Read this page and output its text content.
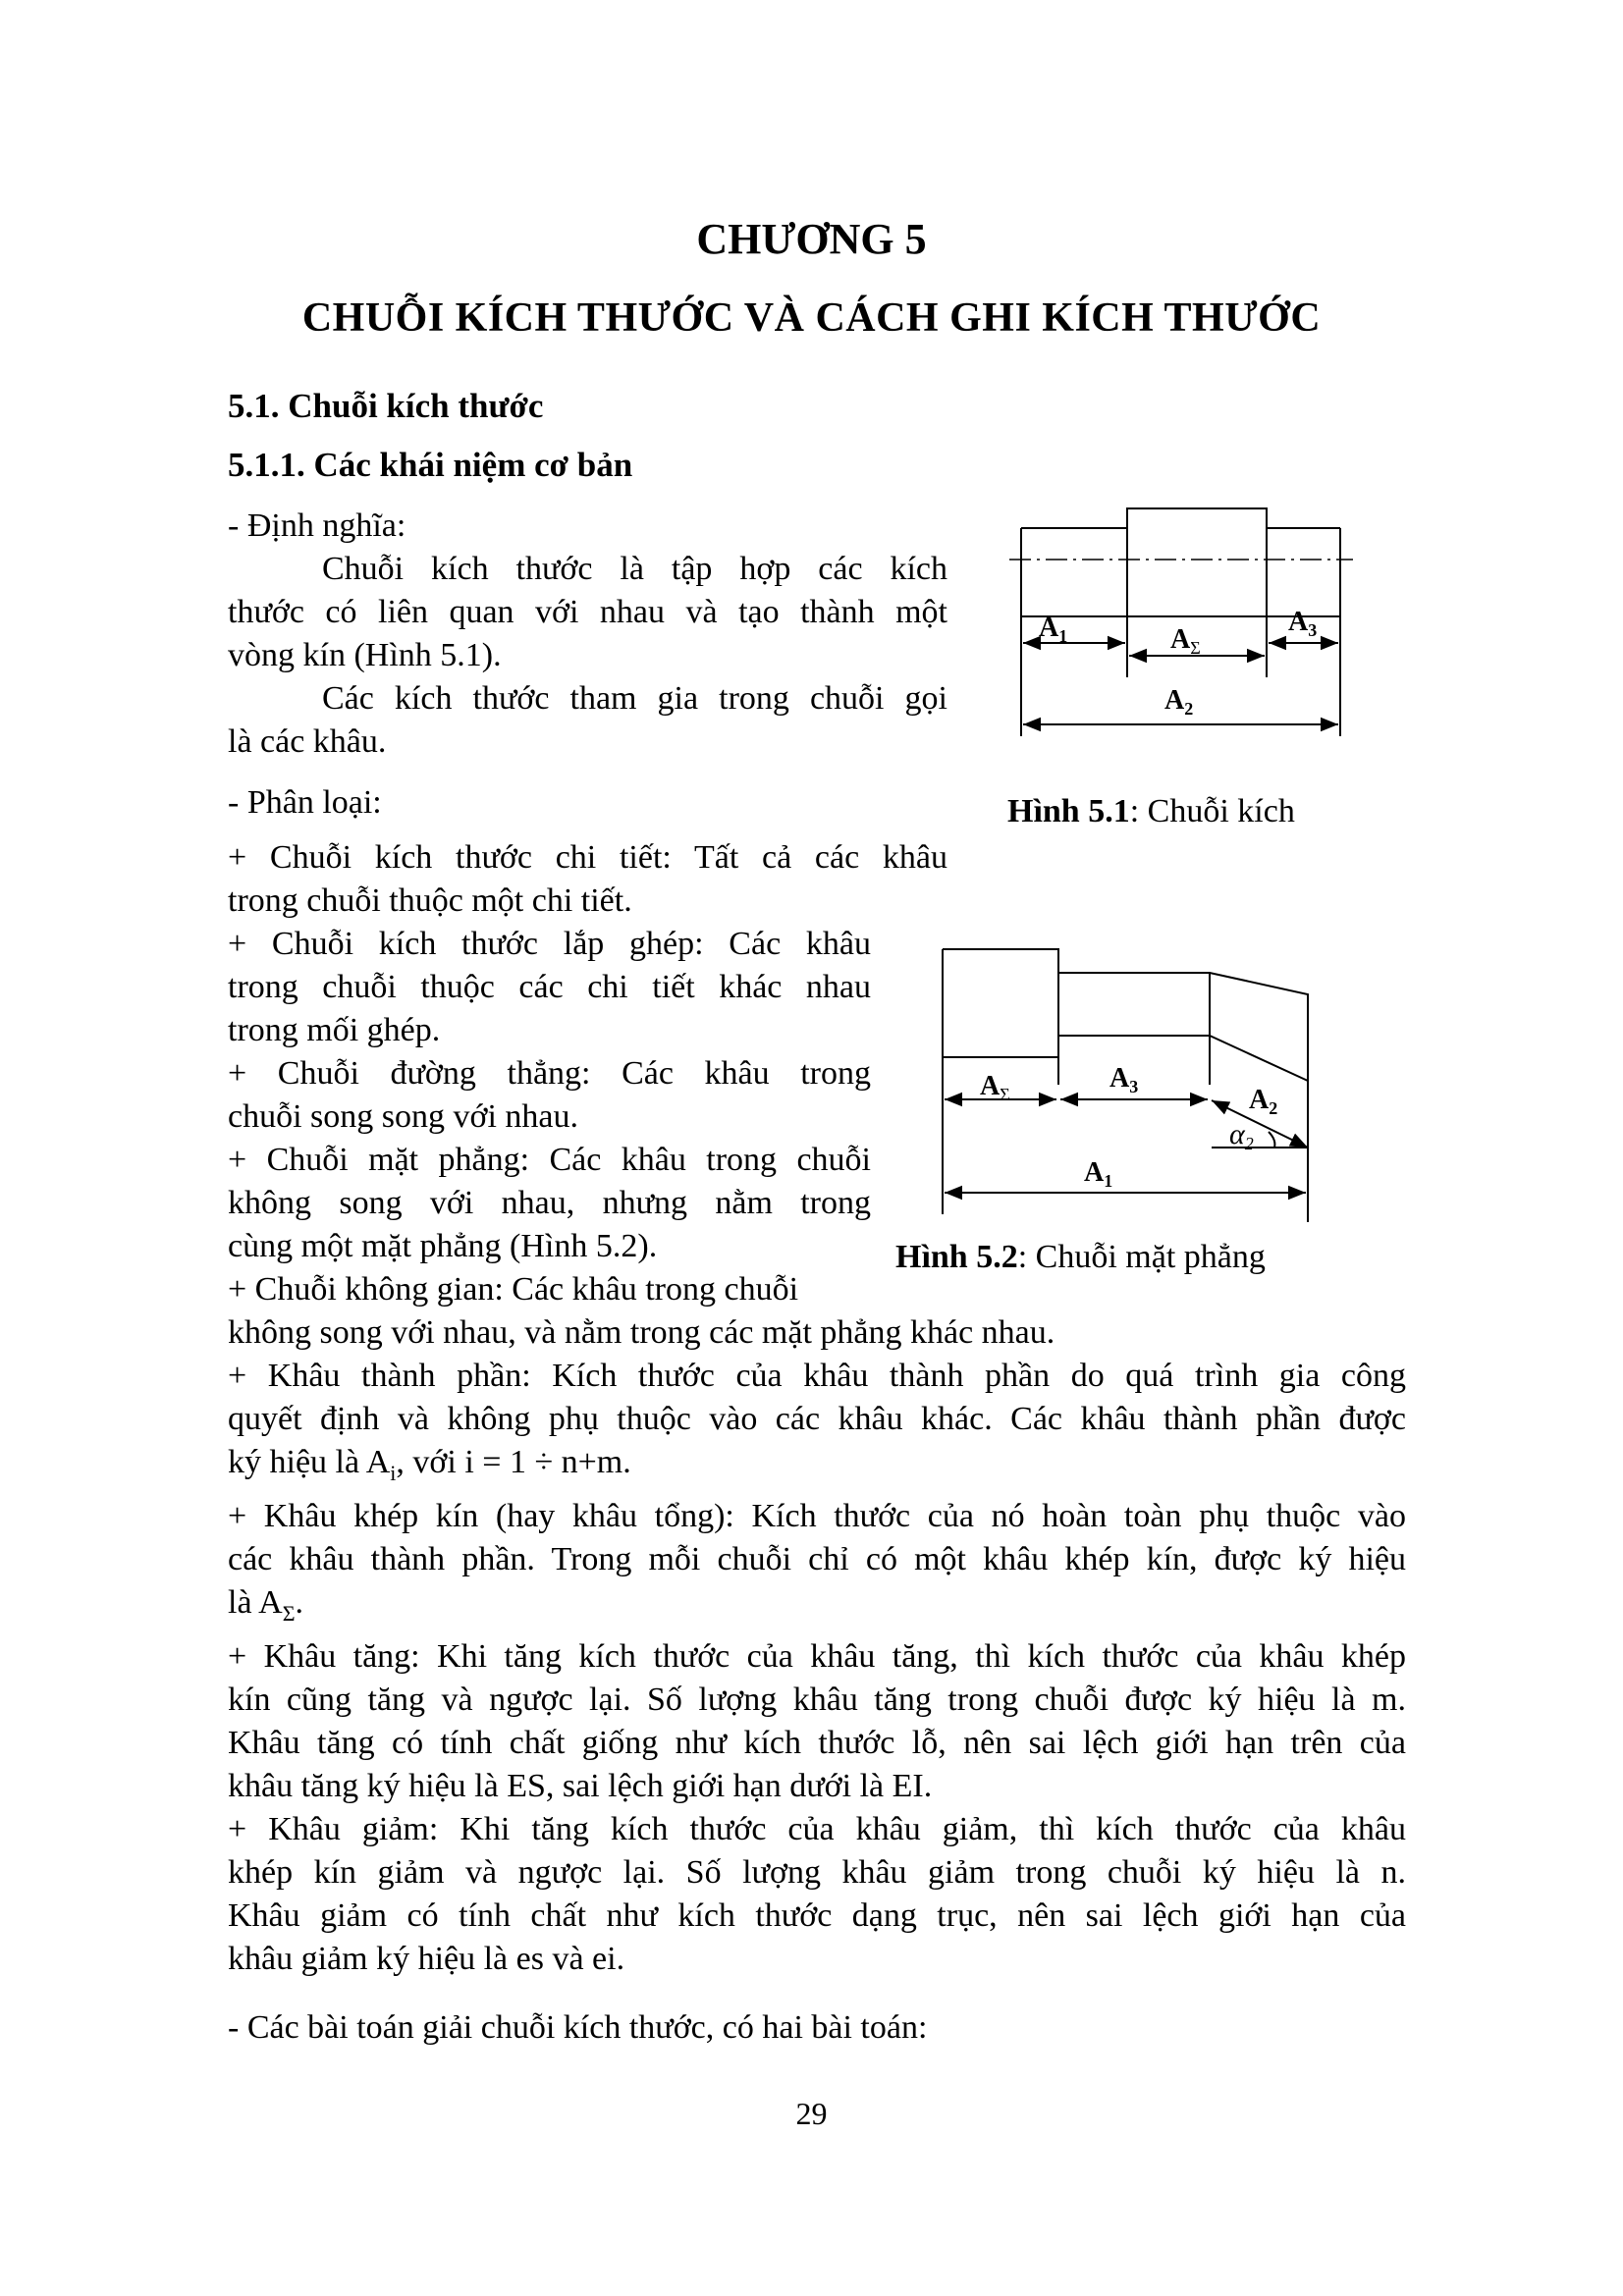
CHƯƠNG 5
CHUỖI KÍCH THƯỚC VÀ CÁCH GHI KÍCH THƯỚC
5.1. Chuỗi kích thước
5.1.1. Các khái niệm cơ bản
- Định nghĩa:
Chuỗi kích thước là tập hợp các kích
thước có liên quan với nhau và tạo thành một
vòng kín (Hình 5.1).
Các kích thước tham gia trong chuỗi gọi
là các khâu.
- Phân loại:
+ Chuỗi kích thước chi tiết: Tất cả các khâu
trong chuỗi thuộc một chi tiết.
+ Chuỗi kích thước lắp ghép: Các khâu
trong chuỗi thuộc các chi tiết khác nhau
trong mối ghép.
+ Chuỗi đường thẳng: Các khâu trong
chuỗi song song với nhau.
+ Chuỗi mặt phẳng: Các khâu trong chuỗi
không song với nhau, nhưng nằm trong
cùng một mặt phẳng (Hình 5.2).
+ Chuỗi không gian: Các khâu trong chuỗi
không song với nhau, và nằm trong các mặt phẳng khác nhau.
+ Khâu thành phần: Kích thước của khâu thành phần do quá trình gia công
quyết định và không phụ thuộc vào các khâu khác. Các khâu thành phần được
ký hiệu là $A_i$, với i = 1 ÷ n+m.
+ Khâu khép kín (hay khâu tổng): Kích thước của nó hoàn toàn phụ thuộc vào
các khâu thành phần. Trong mỗi chuỗi chỉ có một khâu khép kín, được ký hiệu
là $A_\Sigma$.
+ Khâu tăng: Khi tăng kích thước của khâu tăng, thì kích thước của khâu khép
kín cũng tăng và ngược lại. Số lượng khâu tăng trong chuỗi được ký hiệu là m.
Khâu tăng có tính chất giống như kích thước lỗ, nên sai lệch giới hạn trên của
khâu tăng ký hiệu là ES, sai lệch giới hạn dưới là EI.
+ Khâu giảm: Khi tăng kích thước của khâu giảm, thì kích thước của khâu
khép kín giảm và ngược lại. Số lượng khâu giảm trong chuỗi ký hiệu là n.
Khâu giảm có tính chất như kích thước dạng trục, nên sai lệch giới hạn của
khâu giảm ký hiệu là es và ei.
- Các bài toán giải chuỗi kích thước, có hai bài toán:
$A_1$	$A_\Sigma$
$A_3$
$A_2$
Hình 5.1: Chuỗi kích
$A_\Sigma$
$A_3$	$A_2$
$A_1$
$\alpha_2$
Hình 5.2: Chuỗi mặt phẳng
29
